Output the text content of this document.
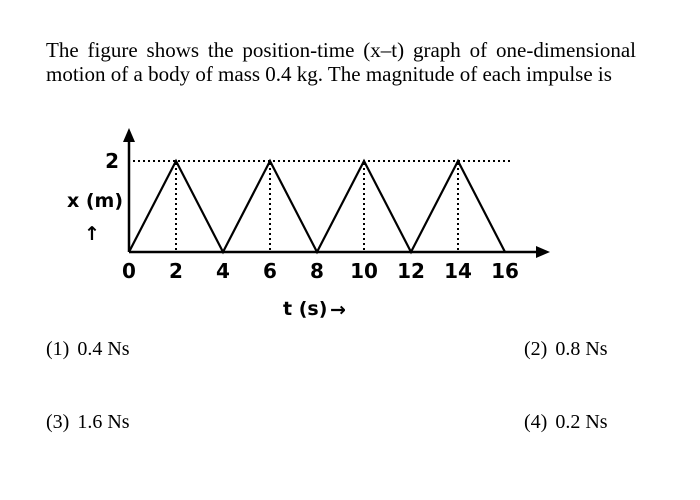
The figure shows the position-time (x–t) graph of one-dimensional motion of a body of mass 0.4 kg. The magnitude of each impulse is

0 2 4 6 8 10 12 14 16
2
x (m)
↑
t (s) →
(1) 0.4 Ns	(2) 0.8 Ns
(3) 1.6 Ns	(4) 0.2 Ns
